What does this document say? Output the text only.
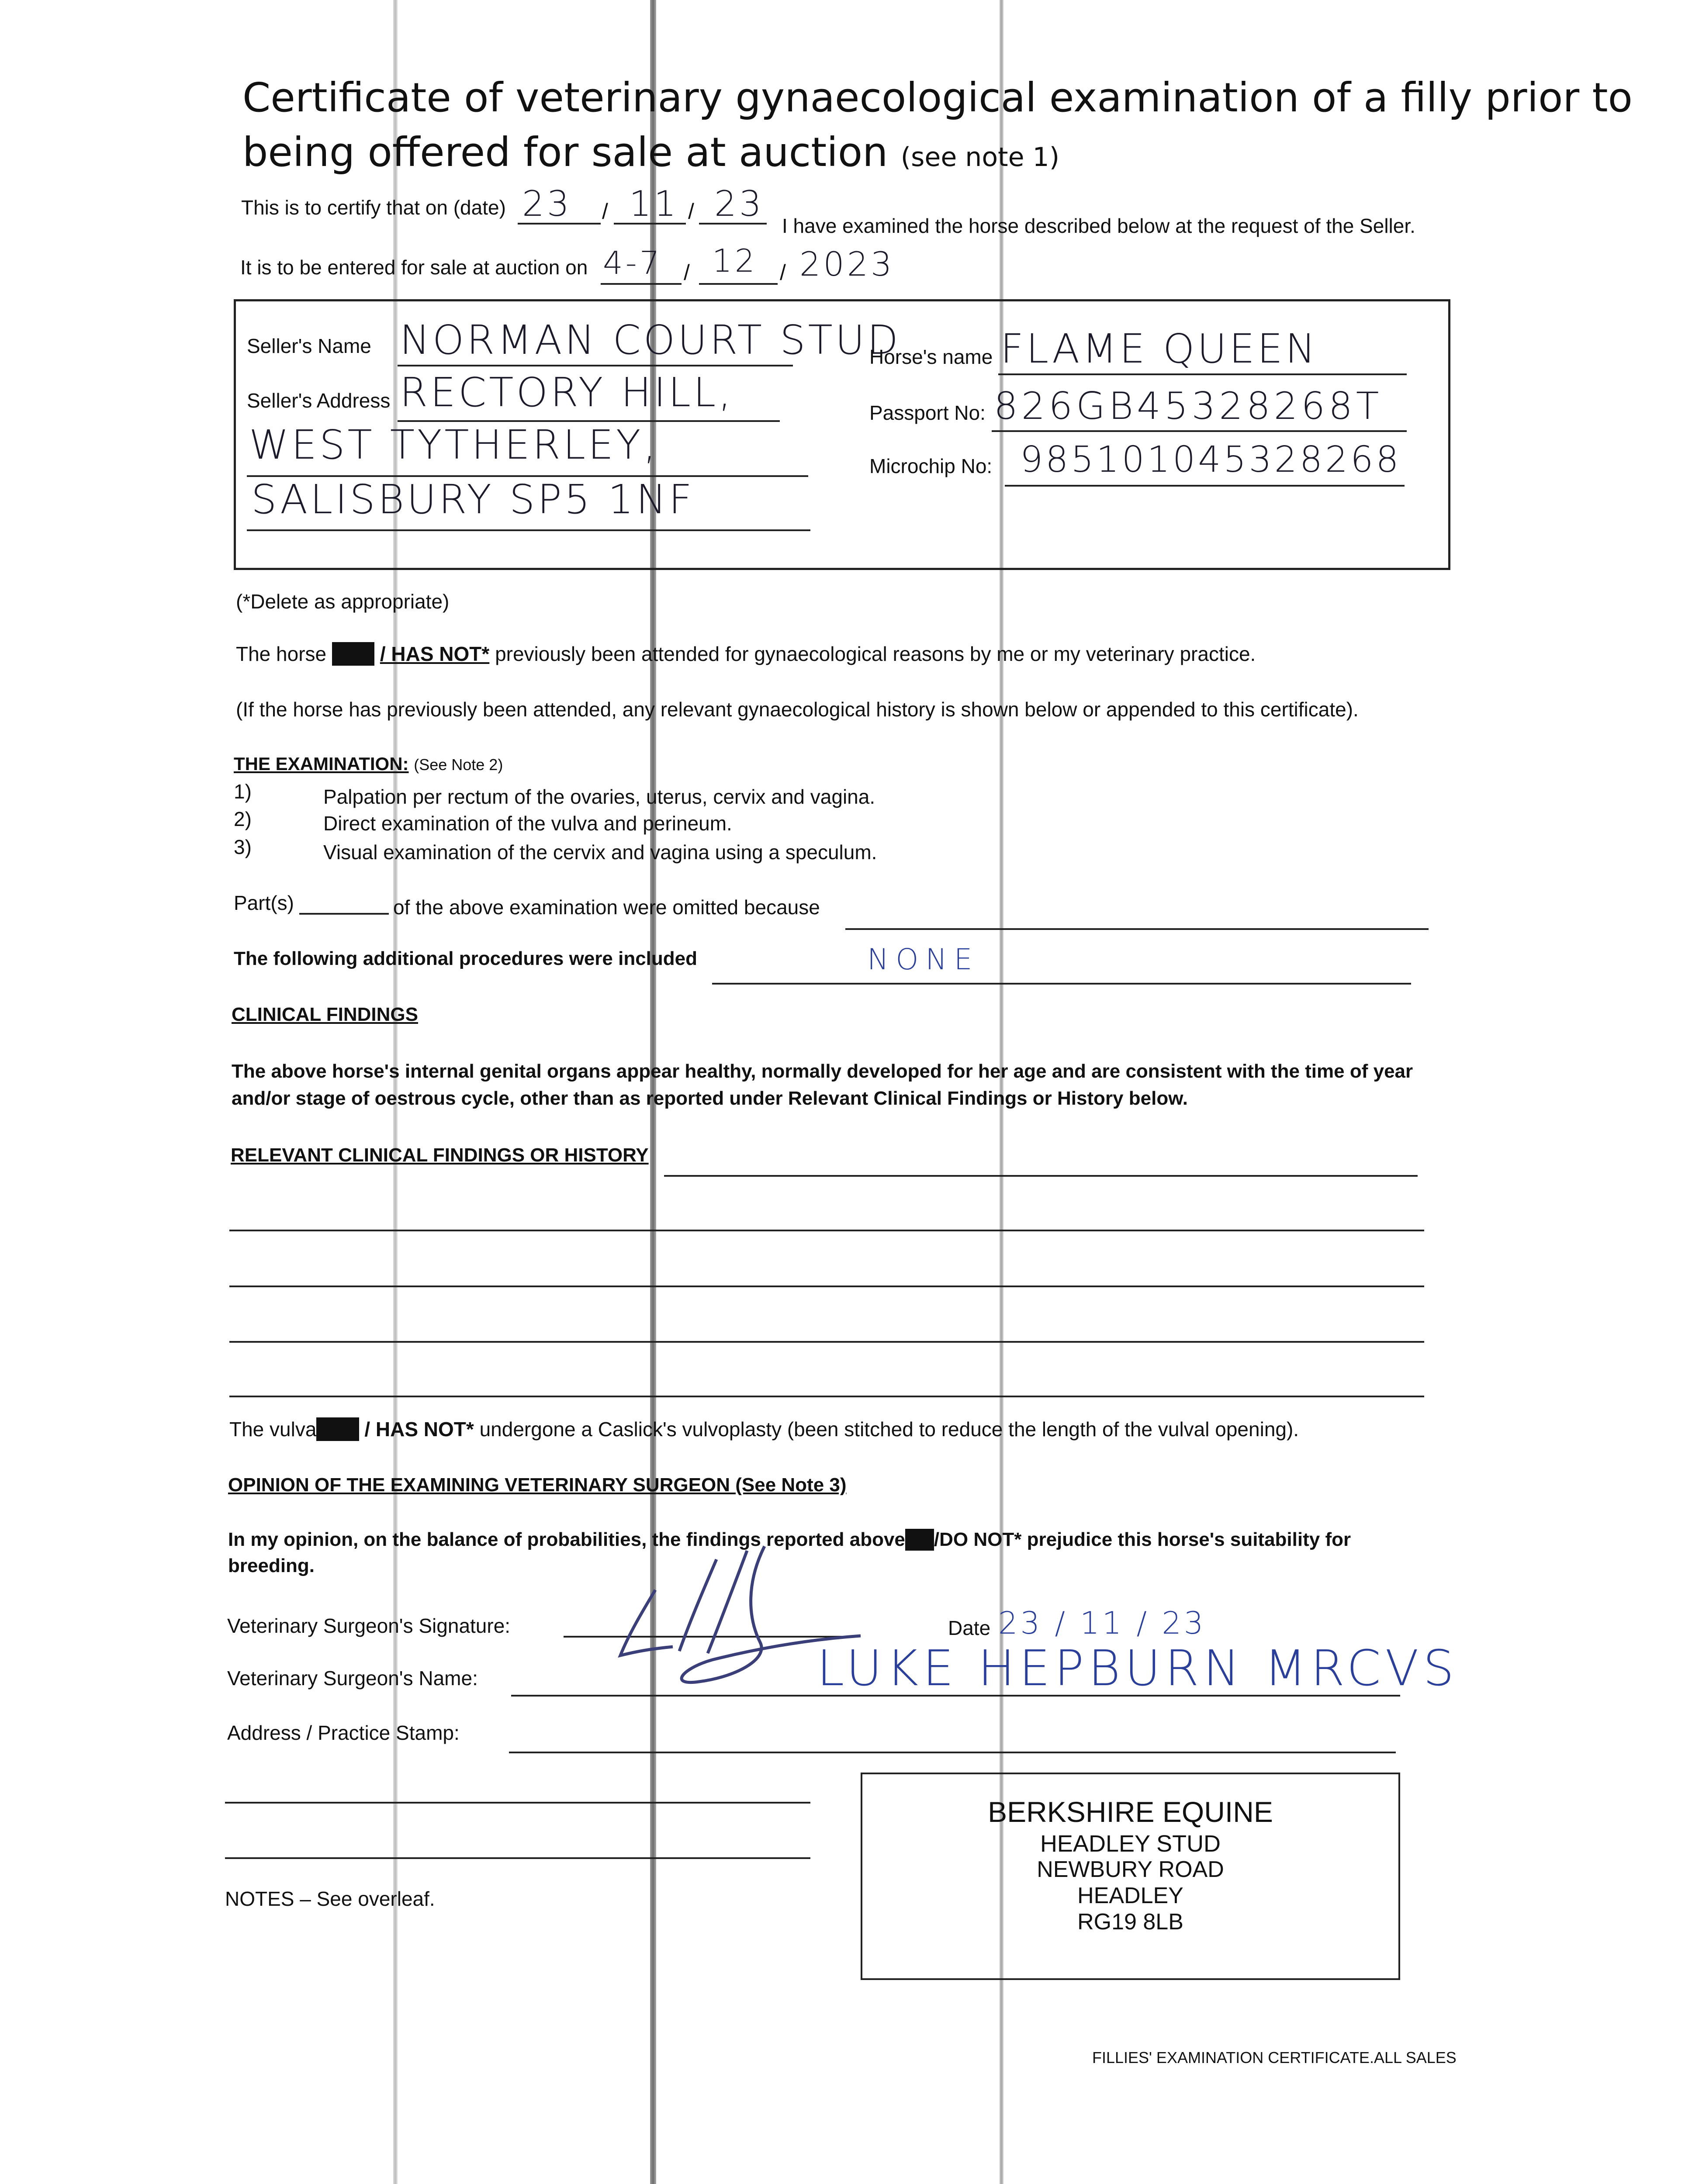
Certificate of veterinary gynaecological examination of a filly prior to
being offered for sale at auction (see note 1)
This is to certify that on (date) 23 / 11 / 23
I have examined the horse described below at the request of the Seller.
It is to be entered for sale at auction on 4-7 / 12 / 2023
Seller's Name NORMAN COURT STUD
Seller's Address RECTORY HILL,
WEST TYTHERLEY,
SALISBURY SP5 1NF
Horse's name FLAME QUEEN
Passport No: 826GB45328268T
Microchip No: 985101045328268
(*Delete as appropriate)
The horse HAS / HAS NOT* previously been attended for gynaecological reasons by me or my veterinary practice.
(If the horse has previously been attended, any relevant gynaecological history is shown below or appended to this certificate).
THE EXAMINATION: (See Note 2)
1)	Palpation per rectum of the ovaries, uterus, cervix and vagina.
2)	Direct examination of the vulva and perineum.
3)	Visual examination of the cervix and vagina using a speculum.
Part(s)	of the above examination were omitted because
The following additional procedures were included	NONE
CLINICAL FINDINGS
The above horse's internal genital organs appear healthy, normally developed for her age and are consistent with the time of year
and/or stage of oestrous cycle, other than as reported under Relevant Clinical Findings or History below.
RELEVANT CLINICAL FINDINGS OR HISTORY
The vulvaHAS / HAS NOT* undergone a Caslick's vulvoplasty (been stitched to reduce the length of the vulval opening).
OPINION OF THE EXAMINING VETERINARY SURGEON (See Note 3)
In my opinion, on the balance of probabilities, the findings reported aboveDO/DO NOT* prejudice this horse's suitability for
breeding.
Veterinary Surgeon's Signature:	Date 23 / 11 / 23
Veterinary Surgeon's Name:	LUKE HEPBURN MRCVS
Address / Practice Stamp:
BERKSHIRE EQUINE
HEADLEY STUD
NEWBURY ROAD
HEADLEY
RG19 8LB
NOTES – See overleaf.
FILLIES' EXAMINATION CERTIFICATE.ALL SALES
